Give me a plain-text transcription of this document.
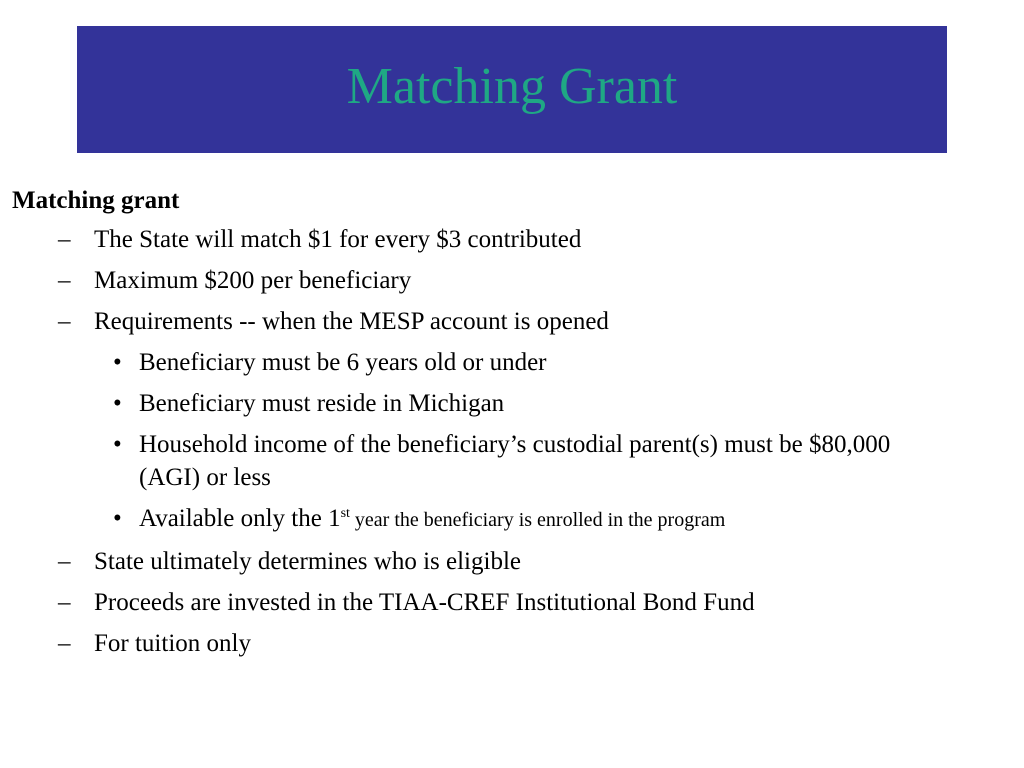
Matching Grant
Matching grant
– The State will match $1 for every $3 contributed
– Maximum $200 per beneficiary
– Requirements -- when the MESP account is opened
• Beneficiary must be 6 years old or under
• Beneficiary must reside in Michigan
• Household income of the beneficiary’s custodial parent(s) must be $80,000 (AGI) or less
• Available only the 1st year the beneficiary is enrolled in the program
– State ultimately determines who is eligible
– Proceeds are invested in the TIAA-CREF Institutional Bond Fund
– For tuition only
